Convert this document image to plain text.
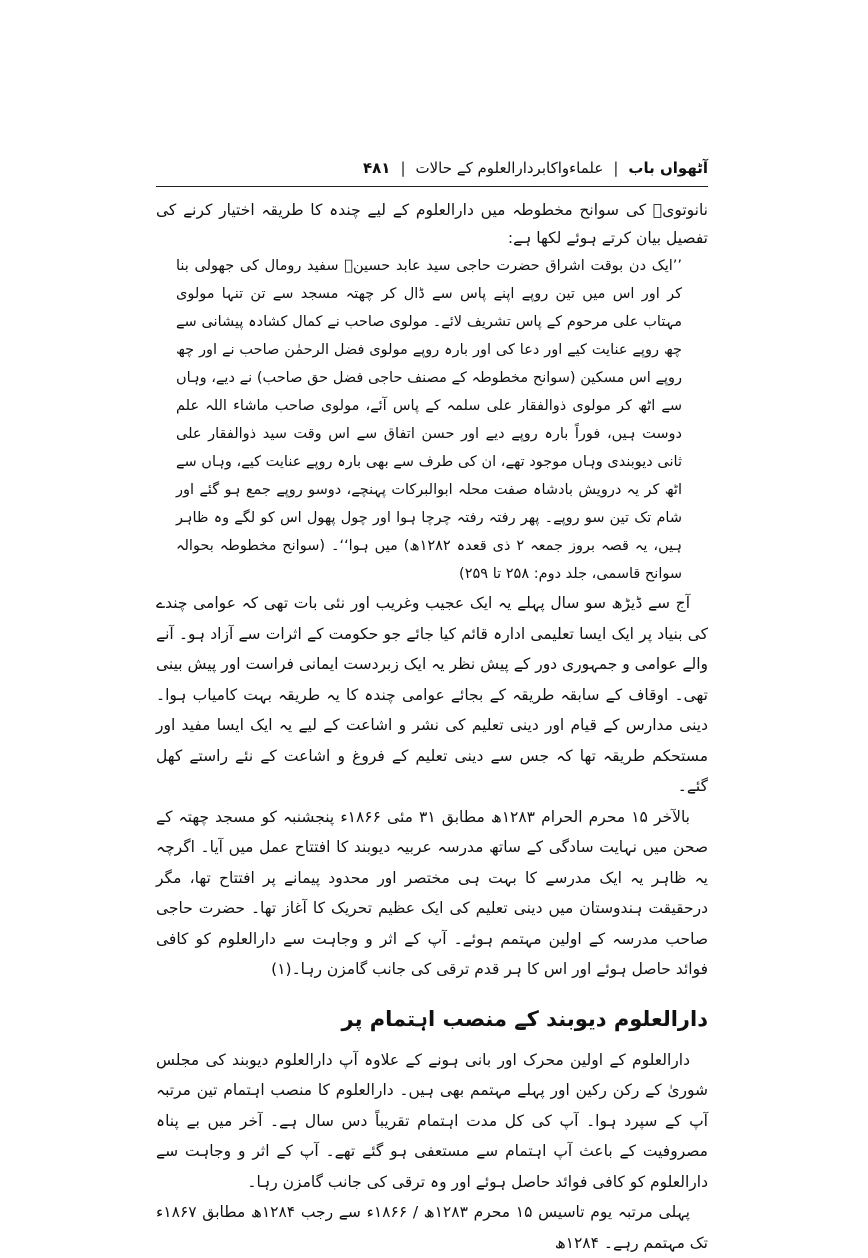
آٹھواں باب
|
علماءواکابردارالعلوم کے حالات
|
۴۸۱

نانوتویؒ کی سوانح مخطوطہ میں دارالعلوم کے لیے چندہ کا طریقہ اختیار کرنے کی تفصیل بیان کرتے ہوئے لکھا ہے:

’’ایک دن بوقت اشراق حضرت حاجی سید عابد حسینؒ سفید رومال کی جھولی بنا کر اور اس میں تین روپے اپنے پاس سے ڈال کر چھتہ مسجد سے تن تنہا مولوی مہتاب علی مرحوم کے پاس تشریف لائے۔ مولوی صاحب نے کمال کشادہ پیشانی سے چھ روپے عنایت کیے اور دعا کی اور بارہ روپے مولوی فضل الرحمٰن صاحب نے اور چھ روپے اس مسکین (سوانح مخطوطہ کے مصنف حاجی فضل حق صاحب) نے دیے، وہاں سے اٹھ کر مولوی ذوالفقار علی سلمہ کے پاس آئے، مولوی صاحب ماشاء اللہ علم دوست ہیں، فوراً بارہ روپے دیے اور حسن اتفاق سے اس وقت سید ذوالفقار علی ثانی دیوبندی وہاں موجود تھے، ان کی طرف سے بھی بارہ روپے عنایت کیے، وہاں سے اٹھ کر یہ درویش بادشاہ صفت محلہ ابوالبرکات پہنچے، دوسو روپے جمع ہو گئے اور شام تک تین سو روپے۔ پھر رفتہ رفتہ چرچا ہوا اور چول پھول اس کو لگے وہ ظاہر ہیں، یہ قصہ بروز جمعہ ۲ ذی قعدہ ۱۲۸۲ھ) میں ہوا‘‘۔ (سوانح مخطوطہ بحوالہ سوانح قاسمی، جلد دوم: ۲۵۸ تا ۲۵۹)

آج سے ڈیڑھ سو سال پہلے یہ ایک عجیب وغریب اور نئی بات تھی کہ عوامی چندے کی بنیاد پر ایک ایسا تعلیمی ادارہ قائم کیا جائے جو حکومت کے اثرات سے آزاد ہو۔ آنے والے عوامی و جمہوری دور کے پیش نظر یہ ایک زبردست ایمانی فراست اور پیش بینی تھی۔ اوقاف کے سابقہ طریقہ کے بجائے عوامی چندہ کا یہ طریقہ بہت کامیاب ہوا۔ دینی مدارس کے قیام اور دینی تعلیم کی نشر و اشاعت کے لیے یہ ایک ایسا مفید اور مستحکم طریقہ تھا کہ جس سے دینی تعلیم کے فروغ و اشاعت کے نئے راستے کھل گئے۔

بالآخر ۱۵ محرم الحرام ۱۲۸۳ھ مطابق ۳۱ مئی ۱۸۶۶ء پنجشنبہ کو مسجد چھتہ کے صحن میں نہایت سادگی کے ساتھ مدرسہ عربیہ دیوبند کا افتتاح عمل میں آیا۔ اگرچہ یہ ظاہر یہ ایک مدرسے کا بہت ہی مختصر اور محدود پیمانے پر افتتاح تھا، مگر درحقیقت ہندوستان میں دینی تعلیم کی ایک عظیم تحریک کا آغاز تھا۔ حضرت حاجی صاحب مدرسہ کے اولین مہتمم ہوئے۔ آپ کے اثر و وجاہت سے دارالعلوم کو کافی فوائد حاصل ہوئے اور اس کا ہر قدم ترقی کی جانب گامزن رہا۔(۱)

دارالعلوم دیوبند کے منصب اہتمام پر

دارالعلوم کے اولین محرک اور بانی ہونے کے علاوہ آپ دارالعلوم دیوبند کی مجلس شوریٰ کے رکن رکین اور پہلے مہتمم بھی ہیں۔ دارالعلوم کا منصب اہتمام تین مرتبہ آپ کے سپرد ہوا۔ آپ کی کل مدت اہتمام تقریباً دس سال ہے۔ آخر میں بے پناہ مصروفیت کے باعث آپ اہتمام سے مستعفی ہو گئے تھے۔ آپ کے اثر و وجاہت سے دارالعلوم کو کافی فوائد حاصل ہوئے اور وہ ترقی کی جانب گامزن رہا۔

پہلی مرتبہ یوم تاسیس ۱۵ محرم ۱۲۸۳ھ / ۱۸۶۶ء سے رجب ۱۲۸۴ھ مطابق ۱۸۶۷ء تک مہتمم رہے۔ ۱۲۸۴ھ
